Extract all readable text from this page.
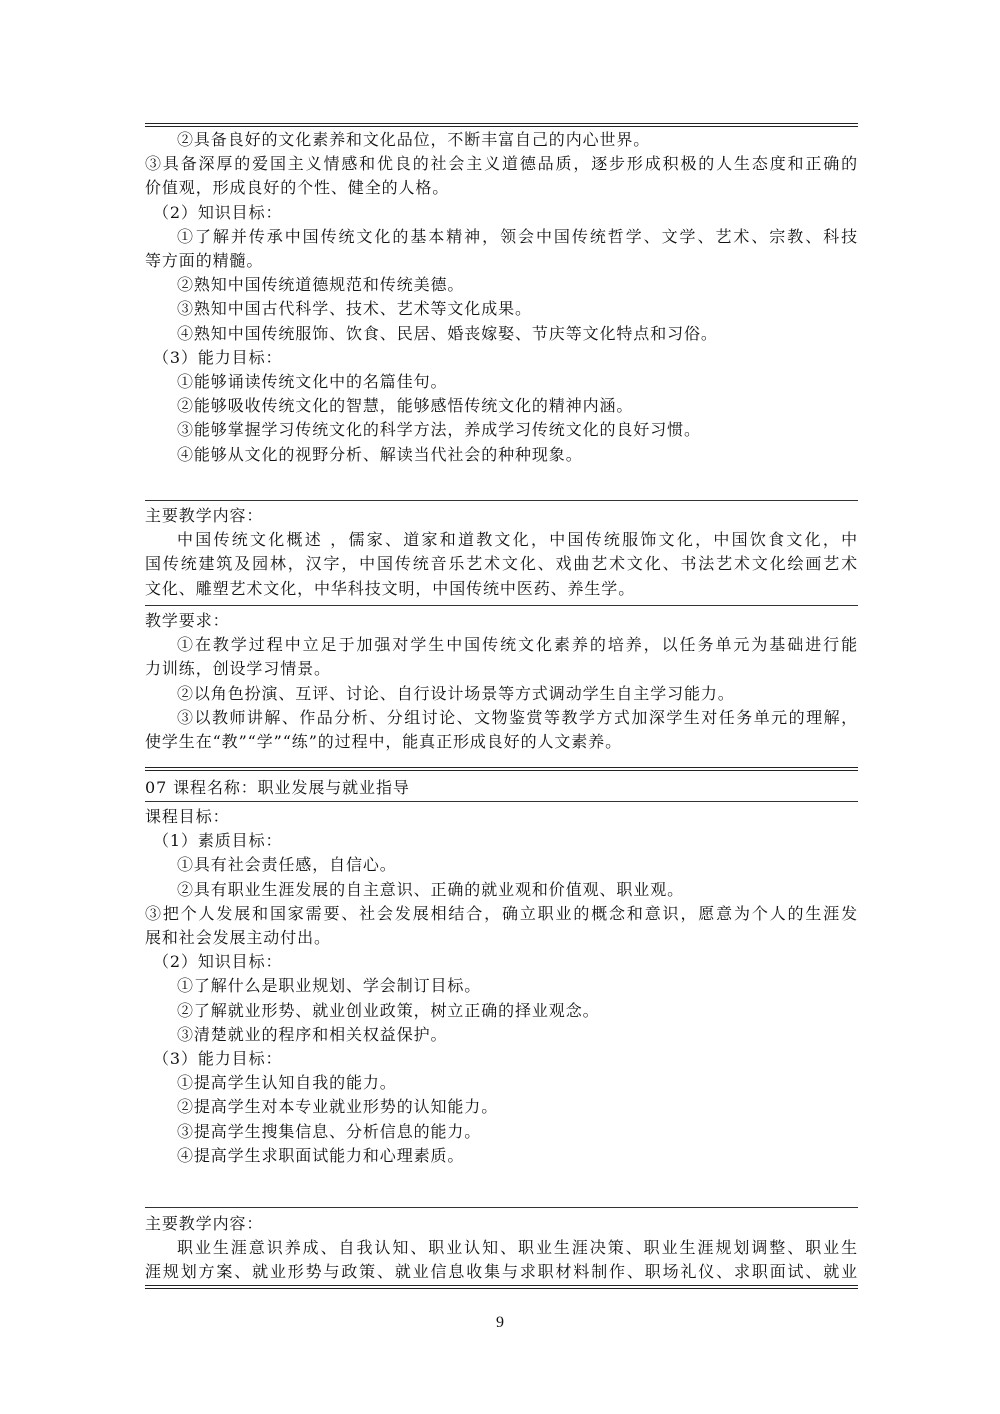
②具备良好的文化素养和文化品位，不断丰富自己的内心世界。
③具备深厚的爱国主义情感和优良的社会主义道德品质，逐步形成积极的人生态度和正确的
价值观，形成良好的个性、健全的人格。
（2）知识目标：
①了解并传承中国传统文化的基本精神，领会中国传统哲学、文学、艺术、宗教、科技
等方面的精髓。
②熟知中国传统道德规范和传统美德。
③熟知中国古代科学、技术、艺术等文化成果。
④熟知中国传统服饰、饮食、民居、婚丧嫁娶、节庆等文化特点和习俗。
（3）能力目标：
①能够诵读传统文化中的名篇佳句。
②能够吸收传统文化的智慧，能够感悟传统文化的精神内涵。
③能够掌握学习传统文化的科学方法，养成学习传统文化的良好习惯。
④能够从文化的视野分析、解读当代社会的种种现象。
主要教学内容：
中国传统文化概述 ，儒家、道家和道教文化，中国传统服饰文化，中国饮食文化，中
国传统建筑及园林，汉字，中国传统音乐艺术文化、戏曲艺术文化、书法艺术文化绘画艺术
文化、雕塑艺术文化，中华科技文明，中国传统中医药、养生学。
教学要求：
①在教学过程中立足于加强对学生中国传统文化素养的培养，以任务单元为基础进行能
力训练，创设学习情景。
②以角色扮演、互评、讨论、自行设计场景等方式调动学生自主学习能力。
③以教师讲解、作品分析、分组讨论、文物鉴赏等教学方式加深学生对任务单元的理解，
使学生在“教”“学”“练”的过程中，能真正形成良好的人文素养。
07 课程名称：职业发展与就业指导
课程目标：
（1）素质目标：
①具有社会责任感，自信心。
②具有职业生涯发展的自主意识、正确的就业观和价值观、职业观。
③把个人发展和国家需要、社会发展相结合，确立职业的概念和意识，愿意为个人的生涯发
展和社会发展主动付出。
（2）知识目标：
①了解什么是职业规划、学会制订目标。
②了解就业形势、就业创业政策，树立正确的择业观念。
③清楚就业的程序和相关权益保护。
（3）能力目标：
①提高学生认知自我的能力。
②提高学生对本专业就业形势的认知能力。
③提高学生搜集信息、分析信息的能力。
④提高学生求职面试能力和心理素质。
主要教学内容：
职业生涯意识养成、自我认知、职业认知、职业生涯决策、职业生涯规划调整、职业生
涯规划方案、就业形势与政策、就业信息收集与求职材料制作、职场礼仪、求职面试、就业
9
